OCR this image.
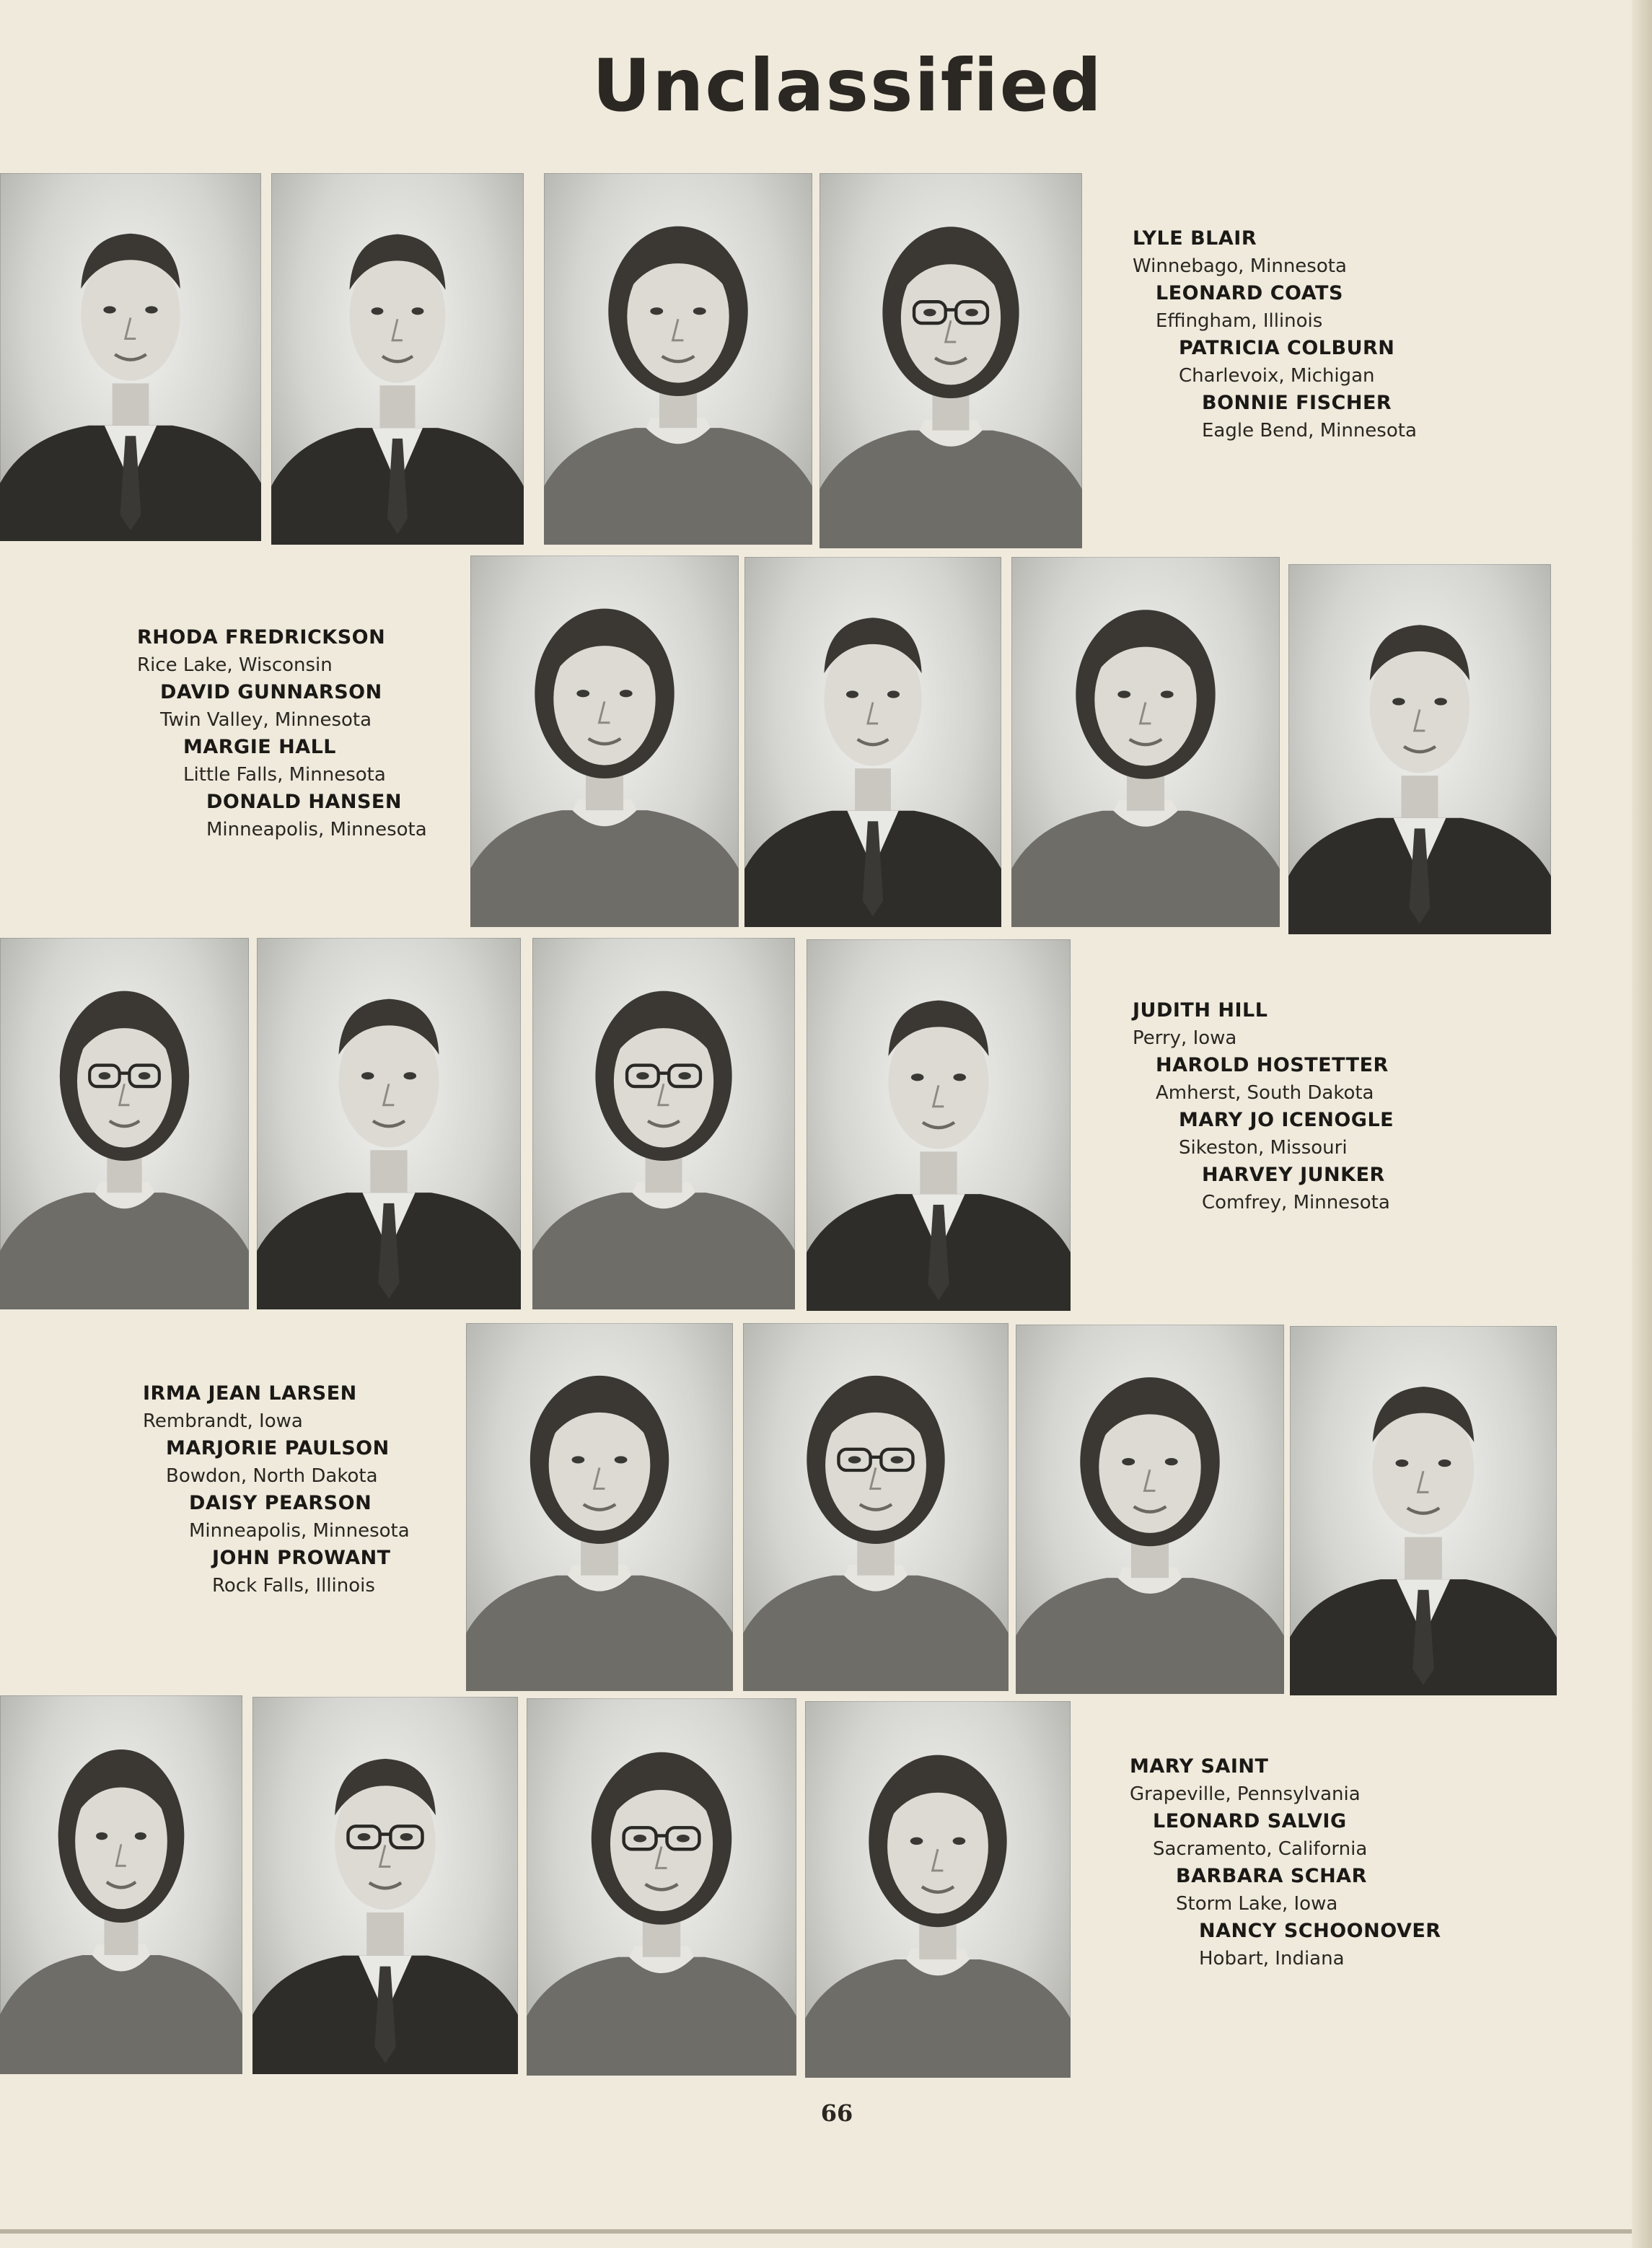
Unclassified
LYLE BLAIR
Winnebago, Minnesota
LEONARD COATS
Effingham, Illinois
PATRICIA COLBURN
Charlevoix, Michigan
BONNIE FISCHER
Eagle Bend, Minnesota
RHODA FREDRICKSON
Rice Lake, Wisconsin
DAVID GUNNARSON
Twin Valley, Minnesota
MARGIE HALL
Little Falls, Minnesota
DONALD HANSEN
Minneapolis, Minnesota
JUDITH HILL
Perry, Iowa
HAROLD HOSTETTER
Amherst, South Dakota
MARY JO ICENOGLE
Sikeston, Missouri
HARVEY JUNKER
Comfrey, Minnesota
IRMA JEAN LARSEN
Rembrandt, Iowa
MARJORIE PAULSON
Bowdon, North Dakota
DAISY PEARSON
Minneapolis, Minnesota
JOHN PROWANT
Rock Falls, Illinois
MARY SAINT
Grapeville, Pennsylvania
LEONARD SALVIG
Sacramento, California
BARBARA SCHAR
Storm Lake, Iowa
NANCY SCHOONOVER
Hobart, Indiana
66
